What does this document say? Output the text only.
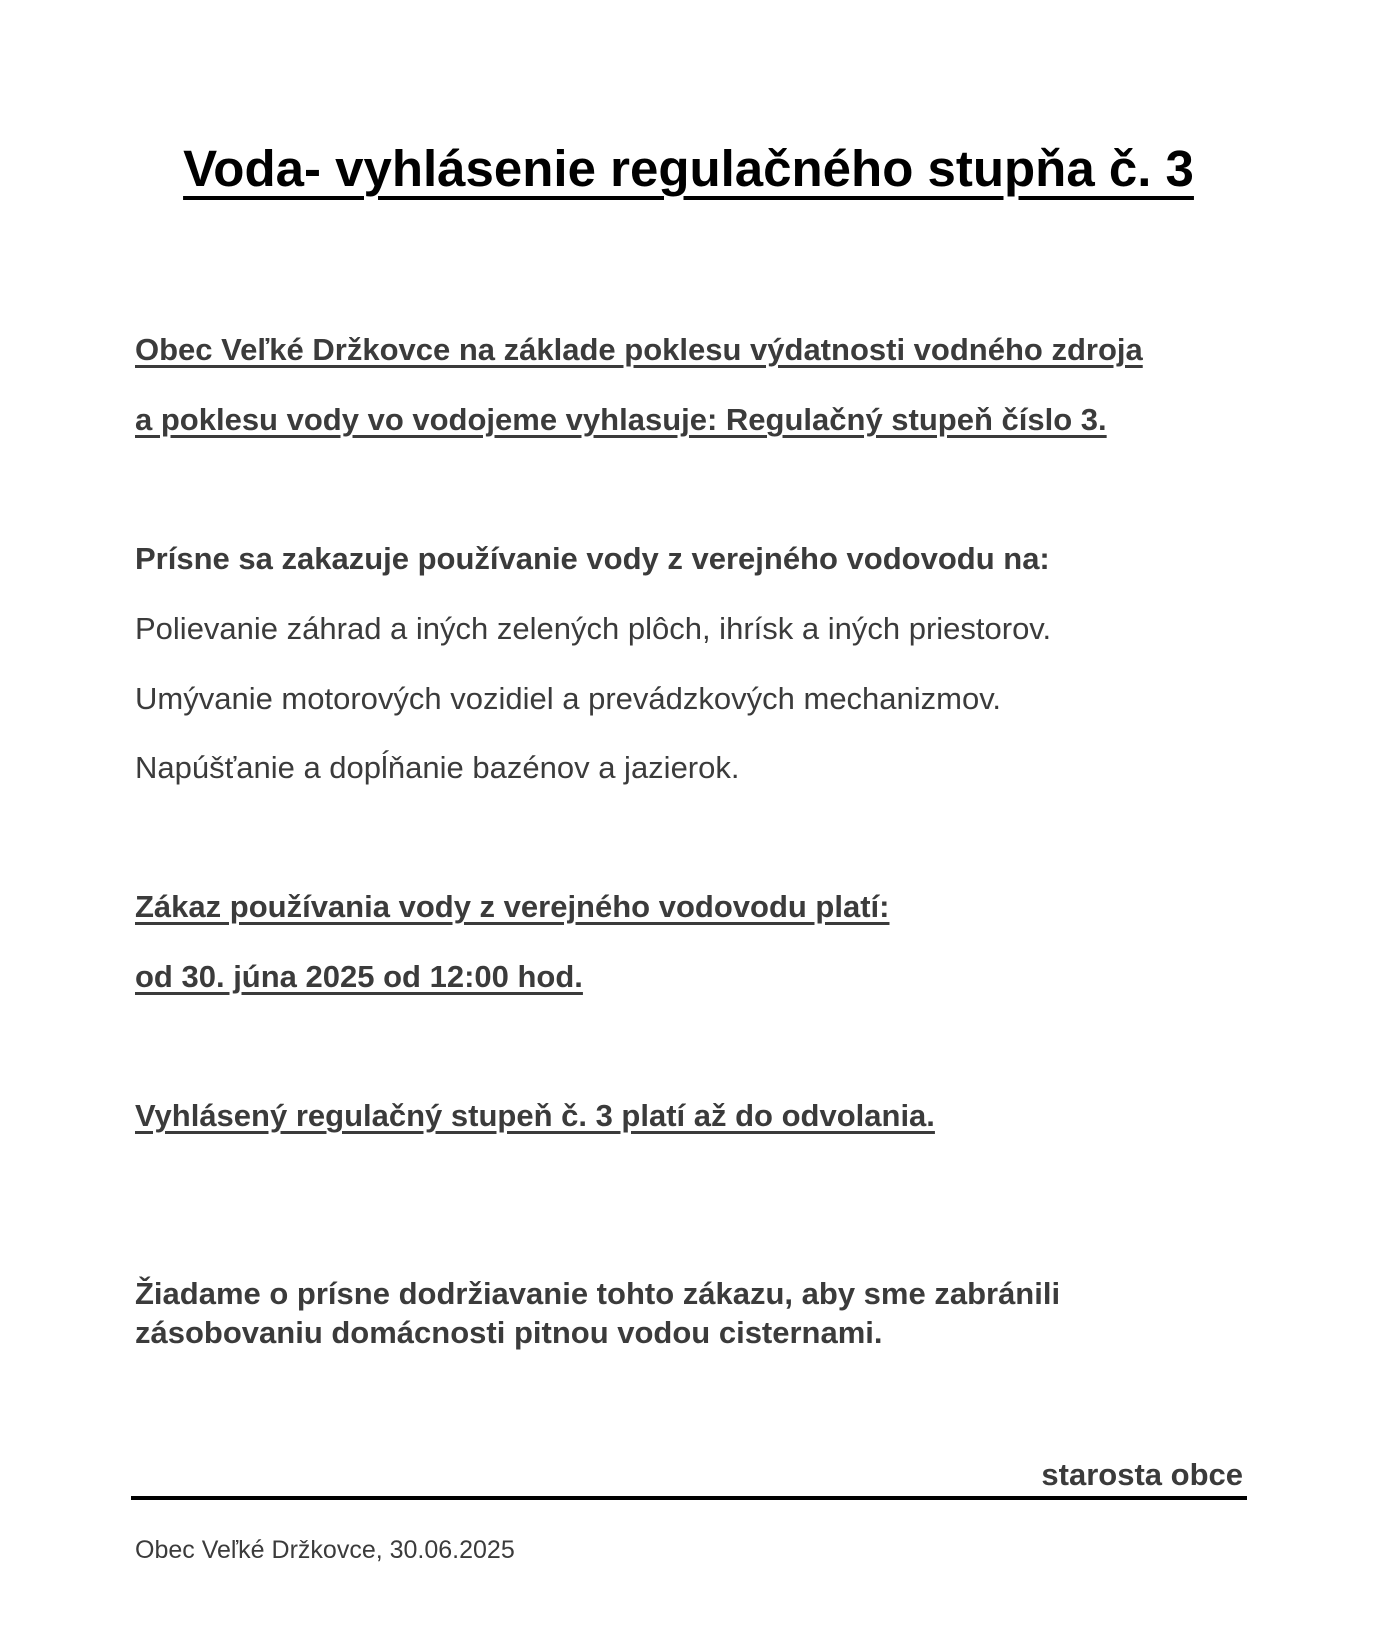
Voda- vyhlásenie regulačného stupňa č. 3
Obec Veľké Držkovce na základe poklesu výdatnosti vodného zdroja
a poklesu vody vo vodojeme vyhlasuje: Regulačný stupeň číslo 3.
Prísne sa zakazuje používanie vody z verejného vodovodu na:
Polievanie záhrad a iných zelených plôch, ihrísk a iných priestorov.
Umývanie motorových vozidiel a prevádzkových mechanizmov.
Napúšťanie a dopĺňanie bazénov a jazierok.
Zákaz používania vody z verejného vodovodu platí:
od 30. júna 2025 od 12:00 hod.
Vyhlásený regulačný stupeň č. 3 platí až do odvolania.
Žiadame o prísne dodržiavanie tohto zákazu, aby sme zabránili
zásobovaniu domácnosti pitnou vodou cisternami.
starosta obce
Obec Veľké Držkovce, 30.06.2025
